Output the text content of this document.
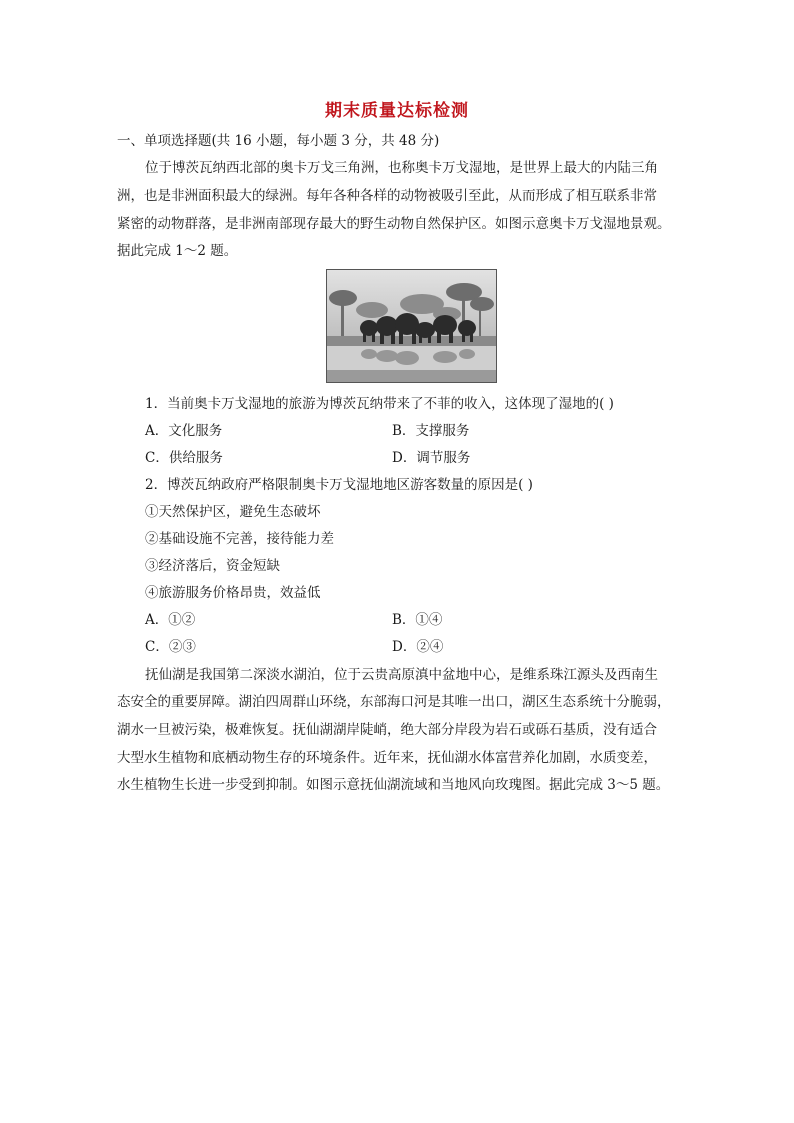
期末质量达标检测
一、单项选择题(共 16 小题，每小题 3 分，共 48 分)
位于博茨瓦纳西北部的奥卡万戈三角洲，也称奥卡万戈湿地，是世界上最大的内陆三角
洲，也是非洲面积最大的绿洲。每年各种各样的动物被吸引至此，从而形成了相互联系非常
紧密的动物群落，是非洲南部现存最大的野生动物自然保护区。如图示意奥卡万戈湿地景观。
据此完成 1～2 题。
1．当前奥卡万戈湿地的旅游为博茨瓦纳带来了不菲的收入，这体现了湿地的( )
A．文化服务	B．支撑服务
C．供给服务	D．调节服务
2．博茨瓦纳政府严格限制奥卡万戈湿地地区游客数量的原因是( )
①天然保护区，避免生态破坏
②基础设施不完善，接待能力差
③经济落后，资金短缺
④旅游服务价格昂贵，效益低
A．①②	B．①④
C．②③	D．②④
抚仙湖是我国第二深淡水湖泊，位于云贵高原滇中盆地中心，是维系珠江源头及西南生
态安全的重要屏障。湖泊四周群山环绕，东部海口河是其唯一出口，湖区生态系统十分脆弱，
湖水一旦被污染，极难恢复。抚仙湖湖岸陡峭，绝大部分岸段为岩石或砾石基质，没有适合
大型水生植物和底栖动物生存的环境条件。近年来，抚仙湖水体富营养化加剧，水质变差，
水生植物生长进一步受到抑制。如图示意抚仙湖流域和当地风向玫瑰图。据此完成 3～5 题。
